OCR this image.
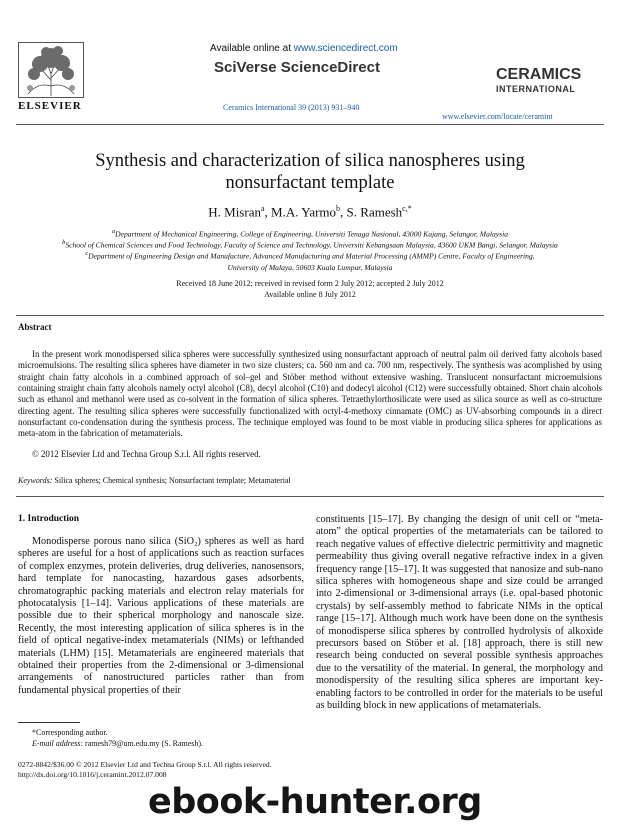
ELSEVIER
Available online at www.sciencedirect.com
SciVerse ScienceDirect
Ceramics International 39 (2013) 931–940
CERAMICS
INTERNATIONAL
www.elsevier.com/locate/ceramint
Synthesis and characterization of silica nanospheres using
nonsurfactant template
H. Misran$^a$, M.A. Yarmo$^b$, S. Ramesh$^{c,*}$
$^a$Department of Mechanical Engineering, College of Engineering, Universiti Tenaga Nasional, 43000 Kajang, Selangor, Malaysia
$^b$School of Chemical Sciences and Food Technology, Faculty of Science and Technology, Universiti Kebangsaan Malaysia, 43600 UKM Bangi, Selangor, Malaysia
$^c$Department of Engineering Design and Manufacture, Advanced Manufacturing and Material Processing (AMMP) Centre, Faculty of Engineering,
University of Malaya, 50603 Kuala Lumpur, Malaysia
Received 18 June 2012; received in revised form 2 July 2012; accepted 2 July 2012
Available online 8 July 2012
Abstract
In the present work monodispersed silica spheres were successfully synthesized using nonsurfactant approach of neutral palm oil derived fatty alcohols based microemulsions. The resulting silica spheres have diameter in two size clusters; ca. 560 nm and ca. 700 nm, respectively. The synthesis was acomplished by using straight chain fatty alcohols in a combined approach of sol–gel and Stöber method without extensive washing. Translucent nonsurfactant microemulsions containing straight chain fatty alcohols namely octyl alcohol (C8), decyl alcohol (C10) and dodecyl alcohol (C12) were successfully obtained. Short chain alcohols such as ethanol and methanol were used as co-solvent in the formation of silica spheres. Tetraethylorthosilicate were used as silica source as well as co-structure directing agent. The resulting silica spheres were successfully functionalized with octyl-4-methoxy cinnamate (OMC) as UV-absorbing compounds in a direct nonsurfactant co-condensation during the synthesis process. The technique employed was found to be most viable in producing silica spheres for applications as meta-atom in the fabrication of metamaterials.
© 2012 Elsevier Ltd and Techna Group S.r.l. All rights reserved.
Keywords: Silica spheres; Chemical synthesis; Nonsurfactant template; Metamaterial
1. Introduction
Monodisperse porous nano silica (SiO₂) spheres as well as hard spheres are useful for a host of applications such as reaction surfaces of complex enzymes, protein deliveries, drug deliveries, nanosensors, hard template for nanocasting, hazardous gases adsorbents, chromatographic packing materials and electron relay materials for photocatalysis [1–14]. Various applications of these materials are possible due to their spherical morphology and nanoscale size. Recently, the most interesting application of silica spheres is in the field of optical negative-index metamaterials (NIMs) or lefthanded materials (LHM) [15]. Metamaterials are engineered materials that obtained their properties from the 2-dimensional or 3-dimensional arrangements of nanostructured particles rather than from fundamental physical properties of their
constituents [15–17]. By changing the design of unit cell or “meta-atom” the optical properties of the metamaterials can be tailored to reach negative values of effective dielectric permittivity and magnetic permeability thus giving overall negative refractive index in a given frequency range [15–17]. It was suggested that nanosize and sub-nano silica spheres with homogeneous shape and size could be arranged into 2-dimensional or 3-dimensional arrays (i.e. opal-based photonic crystals) by self-assembly method to fabricate NIMs in the optical range [15–17]. Although much work have been done on the synthesis of monodisperse silica spheres by controlled hydrolysis of alkoxide precursors based on Stöber et al. [18] approach, there is still new research being conducted on several possible synthesis approaches due to the versatility of the material. In general, the morphology and monodispersity of the resulting silica spheres are important key-enabling factors to be controlled in order for the materials to be useful as building block in new applications of metamaterials.
*Corresponding author.
E-mail address: ramesh79@um.edu.my (S. Ramesh).
0272-8842/$36.00 © 2012 Elsevier Ltd and Techna Group S.r.l. All rights reserved.
http://dx.doi.org/10.1016/j.ceramint.2012.07.008
ebook-hunter.org
